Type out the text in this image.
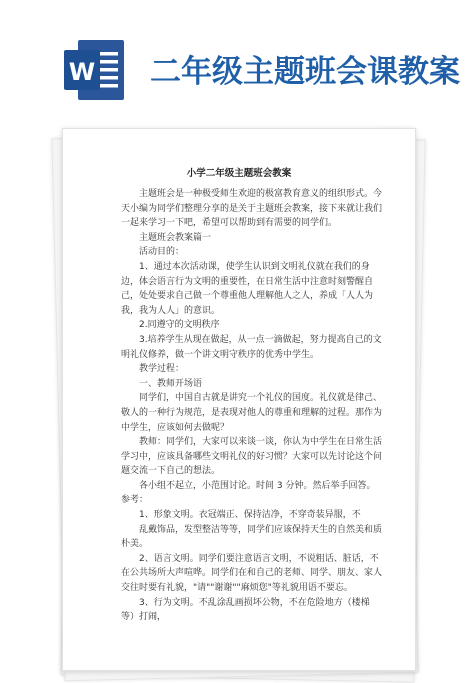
W 二年级主题班会课教案
小学二年级主题班会教案

主题班会是一种极受师生欢迎的极富教育意义的组织形式。今天小编为同学们整理分享的是关于主题班会教案，接下来就让我们一起来学习一下吧，希望可以帮助到有需要的同学们。

主题班会教案篇一

活动目的：

1、通过本次活动课，使学生认识到文明礼仪就在我们的身边，体会语言行为文明的重要性，在日常生活中注意时刻警醒自己，处处要求自己做一个尊重他人理解他人之人，养成「人人为我，我为人人」的意识。

2.同遵守的文明秩序

3.培养学生从现在做起，从一点一滴做起，努力提高自己的文明礼仪修养，做一个讲文明守秩序的优秀中学生。

教学过程：

一、教师开场语

同学们，中国自古就是讲究一个礼仪的国度。礼仪就是律己、敬人的一种行为规范，是表现对他人的尊重和理解的过程。那作为中学生，应该如何去做呢？

教师：同学们，大家可以来谈一谈，你认为中学生在日常生活学习中，应该具备哪些文明礼仪的好习惯？大家可以先讨论这个问题交流一下自己的想法。

各小组不起立，小范围讨论。时间 3 分钟。然后举手回答。 参考：

1、形象文明。衣冠端正、保持洁净，不穿奇装异服，不

乱戴饰品，发型整洁等等，同学们应该保持天生的自然美和质朴美。

2、语言文明。同学们要注意语言文明，不说粗话、脏话，不在公共场所大声喧哗。同学们在和自己的老师、同学、朋友、家人交往时要有礼貌，"请""谢谢""麻烦您"等礼貌用语不要忘。

3、行为文明。不乱涂乱画损坏公物，不在危险地方（楼梯等）打闹，
